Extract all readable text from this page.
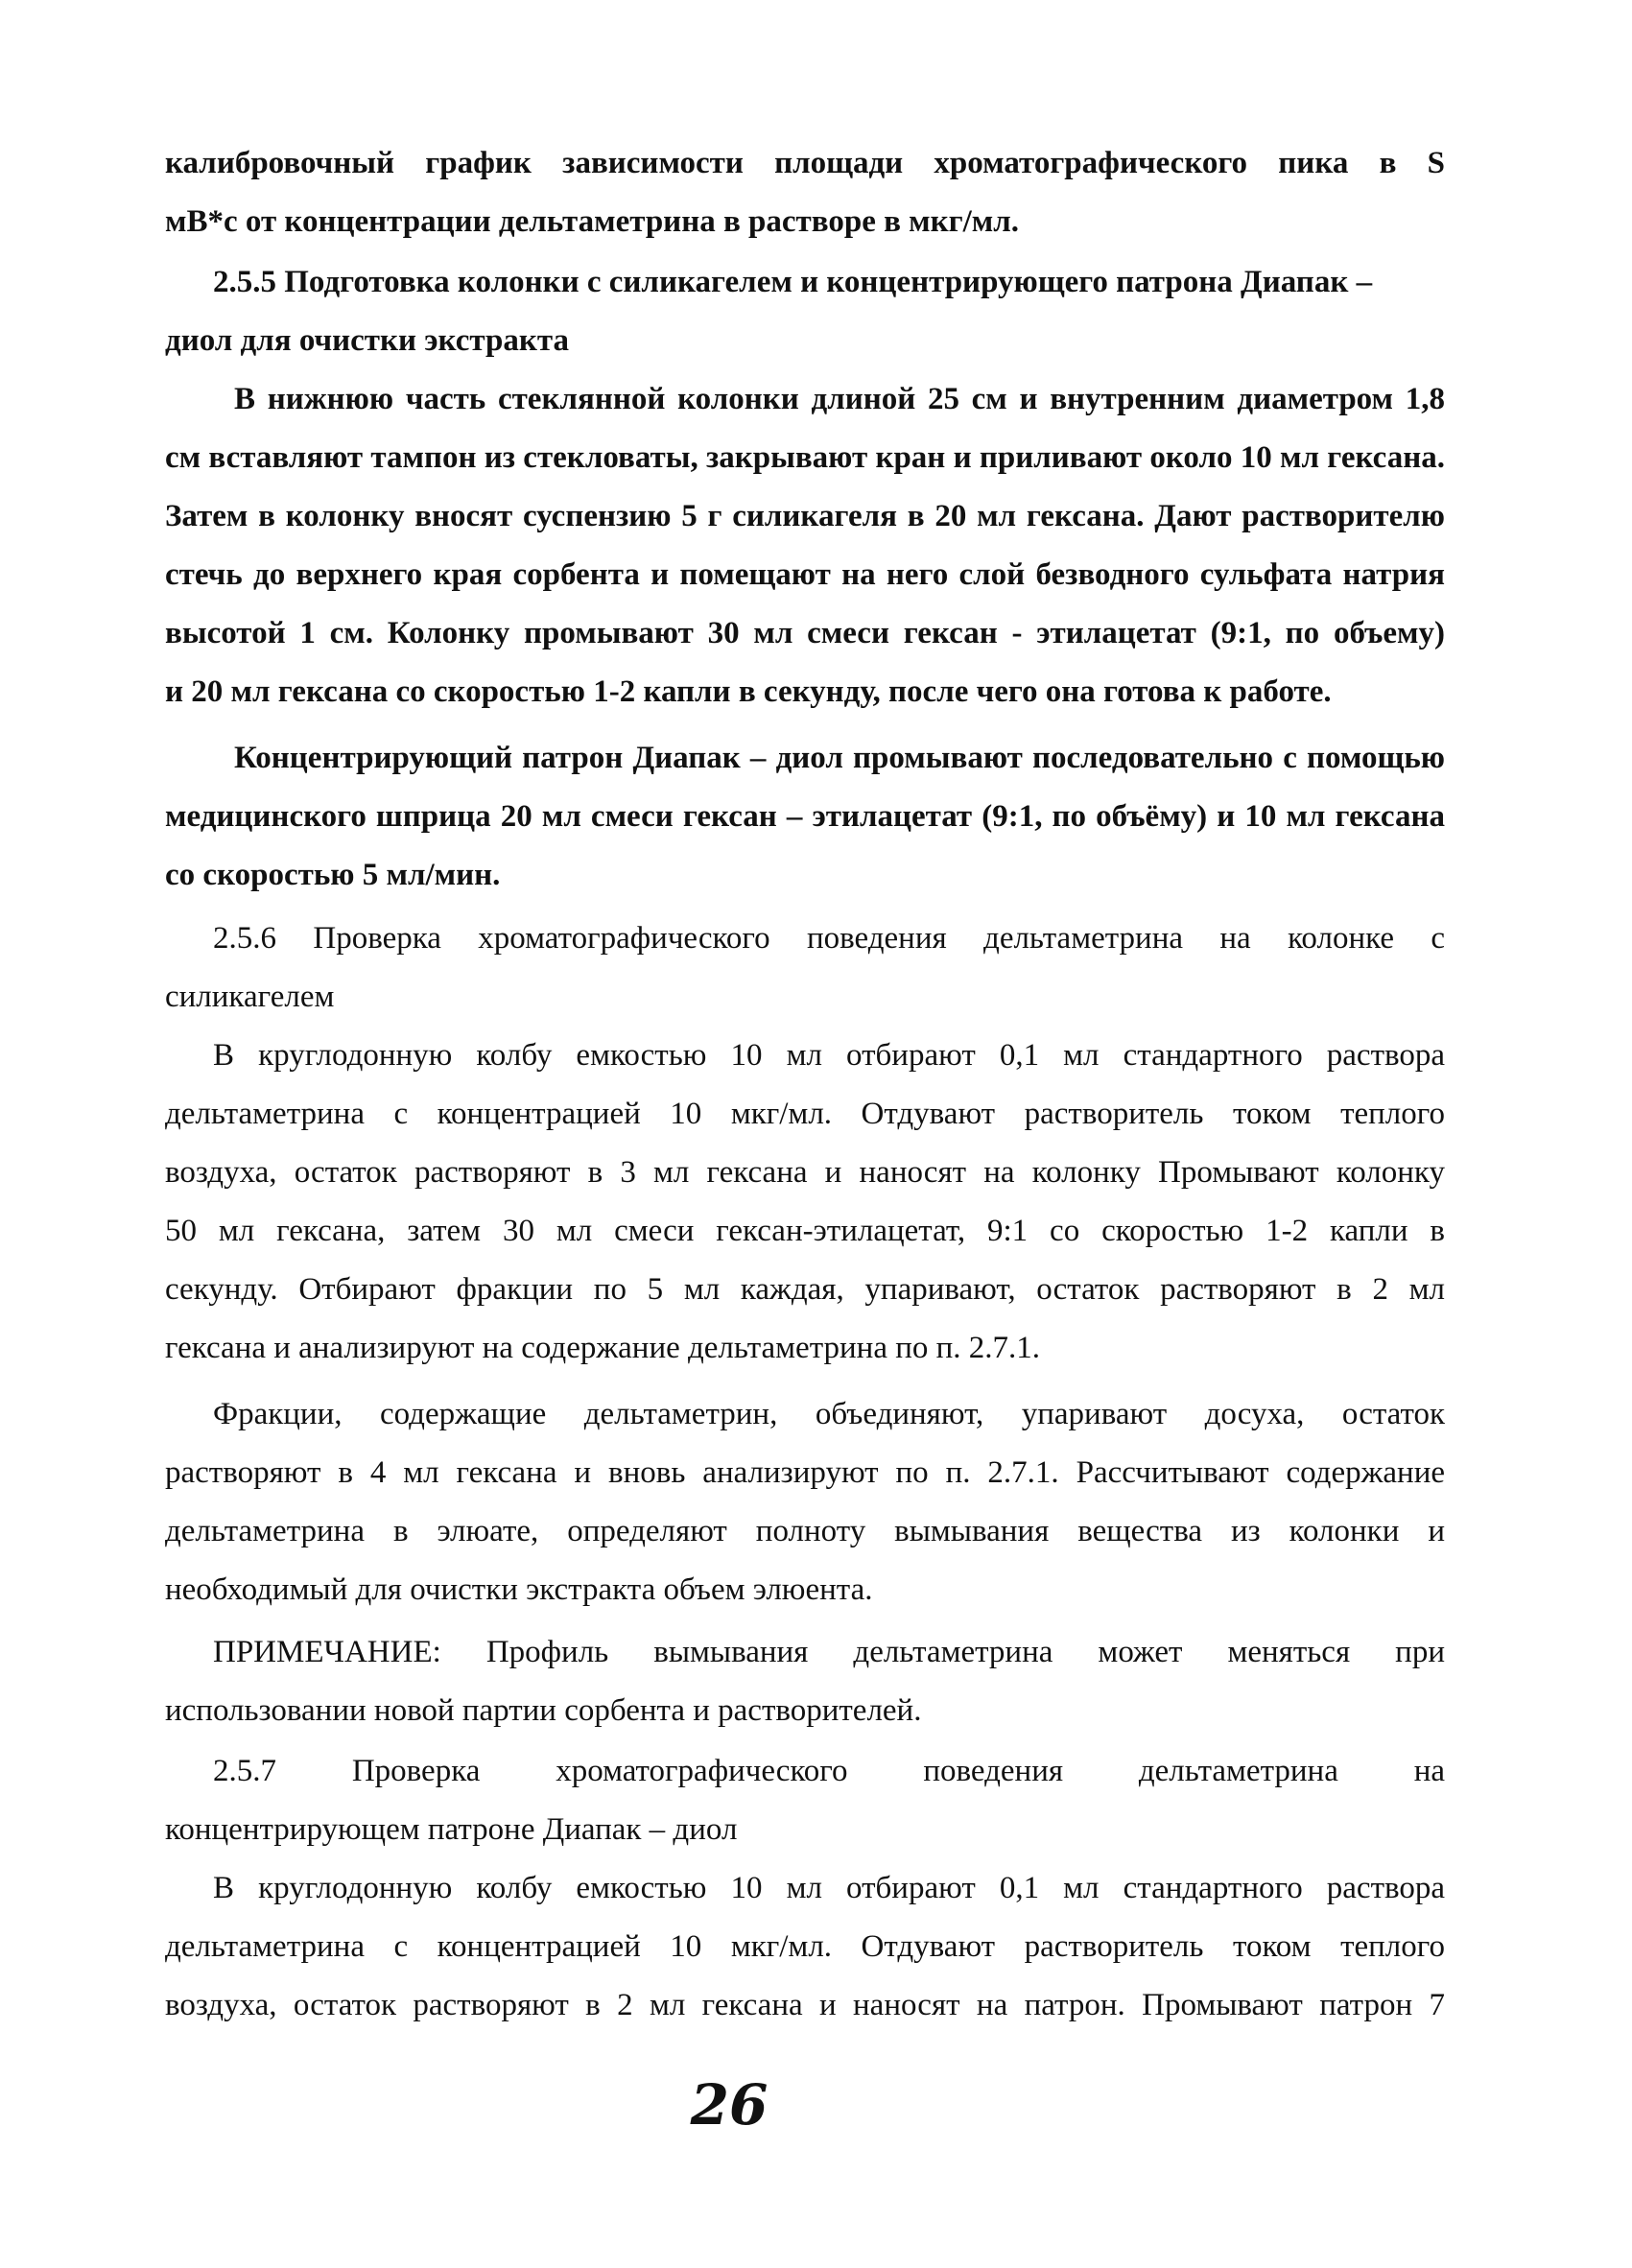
калибровочный график зависимости площади хроматографического пика в S
мВ*с от концентрации дельтаметрина в растворе в мкг/мл.
2.5.5 Подготовка колонки с силикагелем и концентрирующего патрона Диапак –
диол для очистки экстракта
В нижнюю часть стеклянной колонки длиной 25 см и внутренним диаметром 1,8
см вставляют тампон из стекловаты, закрывают кран и приливают около 10 мл гексана.
Затем в колонку вносят суспензию 5 г силикагеля в 20 мл гексана. Дают растворителю
стечь до верхнего края сорбента и помещают на него слой безводного сульфата натрия
высотой 1 см. Колонку промывают 30 мл смеси гексан - этилацетат (9:1, по объему)
и 20 мл гексана со скоростью 1-2 капли в секунду, после чего она готова к работе.
Концентрирующий патрон Диапак – диол промывают последовательно с помощью
медицинского шприца 20 мл смеси гексан – этилацетат (9:1, по объёму) и 10 мл гексана
со скоростью 5 мл/мин.
2.5.6 Проверка хроматографического поведения дельтаметрина на колонке с
силикагелем
В круглодонную колбу емкостью 10 мл отбирают 0,1 мл стандартного раствора
дельтаметрина с концентрацией 10 мкг/мл. Отдувают растворитель током теплого
воздуха, остаток растворяют в 3 мл гексана и наносят на колонку Промывают колонку
50 мл гексана, затем 30 мл смеси гексан-этилацетат, 9:1 со скоростью 1-2 капли в
секунду. Отбирают фракции по 5 мл каждая, упаривают, остаток растворяют в 2 мл
гексана и анализируют на содержание дельтаметрина по п. 2.7.1.
Фракции, содержащие дельтаметрин, объединяют, упаривают досуха, остаток
растворяют в 4 мл гексана и вновь анализируют по п. 2.7.1. Рассчитывают содержание
дельтаметрина в элюате, определяют полноту вымывания вещества из колонки и
необходимый для очистки экстракта объем элюента.
ПРИМЕЧАНИЕ: Профиль вымывания дельтаметрина может меняться при
использовании новой партии сорбента и растворителей.
2.5.7 Проверка хроматографического поведения дельтаметрина на
концентрирующем патроне Диапак – диол
В круглодонную колбу емкостью 10 мл отбирают 0,1 мл стандартного раствора
дельтаметрина с концентрацией 10 мкг/мл. Отдувают растворитель током теплого
воздуха, остаток растворяют в 2 мл гексана и наносят на патрон. Промывают патрон 7
26
